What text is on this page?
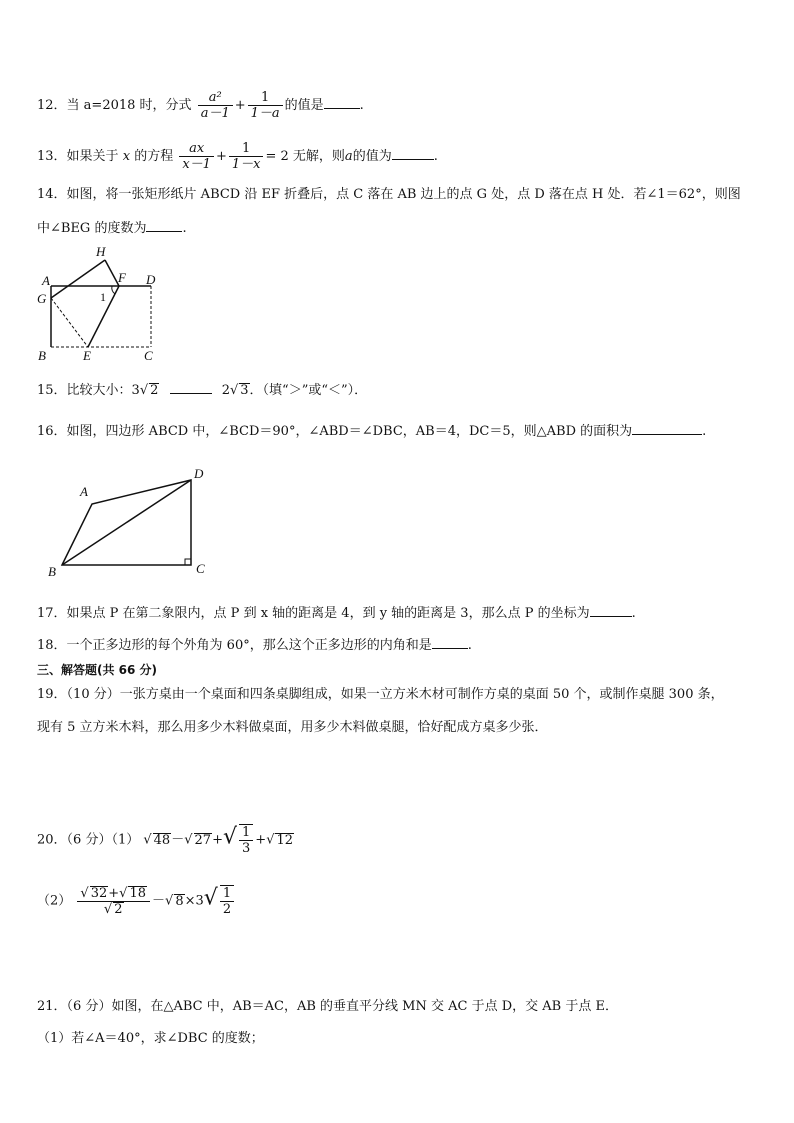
12．当 a=2018 时，分式 $\frac{\text{a²}}{a-1} + \frac{1}{1-a}$ 的值是	.
13．如果关于 x 的方程 $\frac{ax}{x-1} + \frac{1}{1-x} = 2$ 无解，则a的值为	.
14．如图，将一张矩形纸片 ABCD 沿 EF 折叠后，点 C 落在 AB 边上的点 G 处，点 D 落在点 H 处．若∠1＝62°，则图
中∠BEG 的度数为	.
H
A	F D
G	1
B	E	C
15．比较大小：3√ 2	2√ 3．（填“＞”或“＜”）．
16．如图，四边形 ABCD 中，∠BCD＝90°，∠ABD＝∠DBC，AB＝4，DC＝5，则△ABD 的面积为	.
A
D
B	C
17．如果点 P 在第二象限内，点 P 到 x 轴的距离是 4，到 y 轴的距离是 3，那么点 P 的坐标为	.
18．一个正多边形的每个外角为 60°，那么这个正多边形的内角和是	.
三、解答题(共 66 分)
19．（10 分）一张方桌由一个桌面和四条桌脚组成，如果一立方米木材可制作方桌的桌面 50 个，或制作桌腿 300 条，
现有 5 立方米木料，那么用多少木料做桌面，用多少木料做桌腿，恰好配成方桌多少张．
20．（6 分）（1） √ 48－√ $27+√ \frac{1}{3}$ +√ 12
$(2) \frac{√ 32+√ 18}{√ 2}$ －√ $8\times 3√ \frac{1}{2}$
21．（6 分）如图，在△ABC 中，AB＝AC，AB 的垂直平分线 MN 交 AC 于点 D，交 AB 于点 E．
（1）若∠A＝40°，求∠DBC 的度数；
